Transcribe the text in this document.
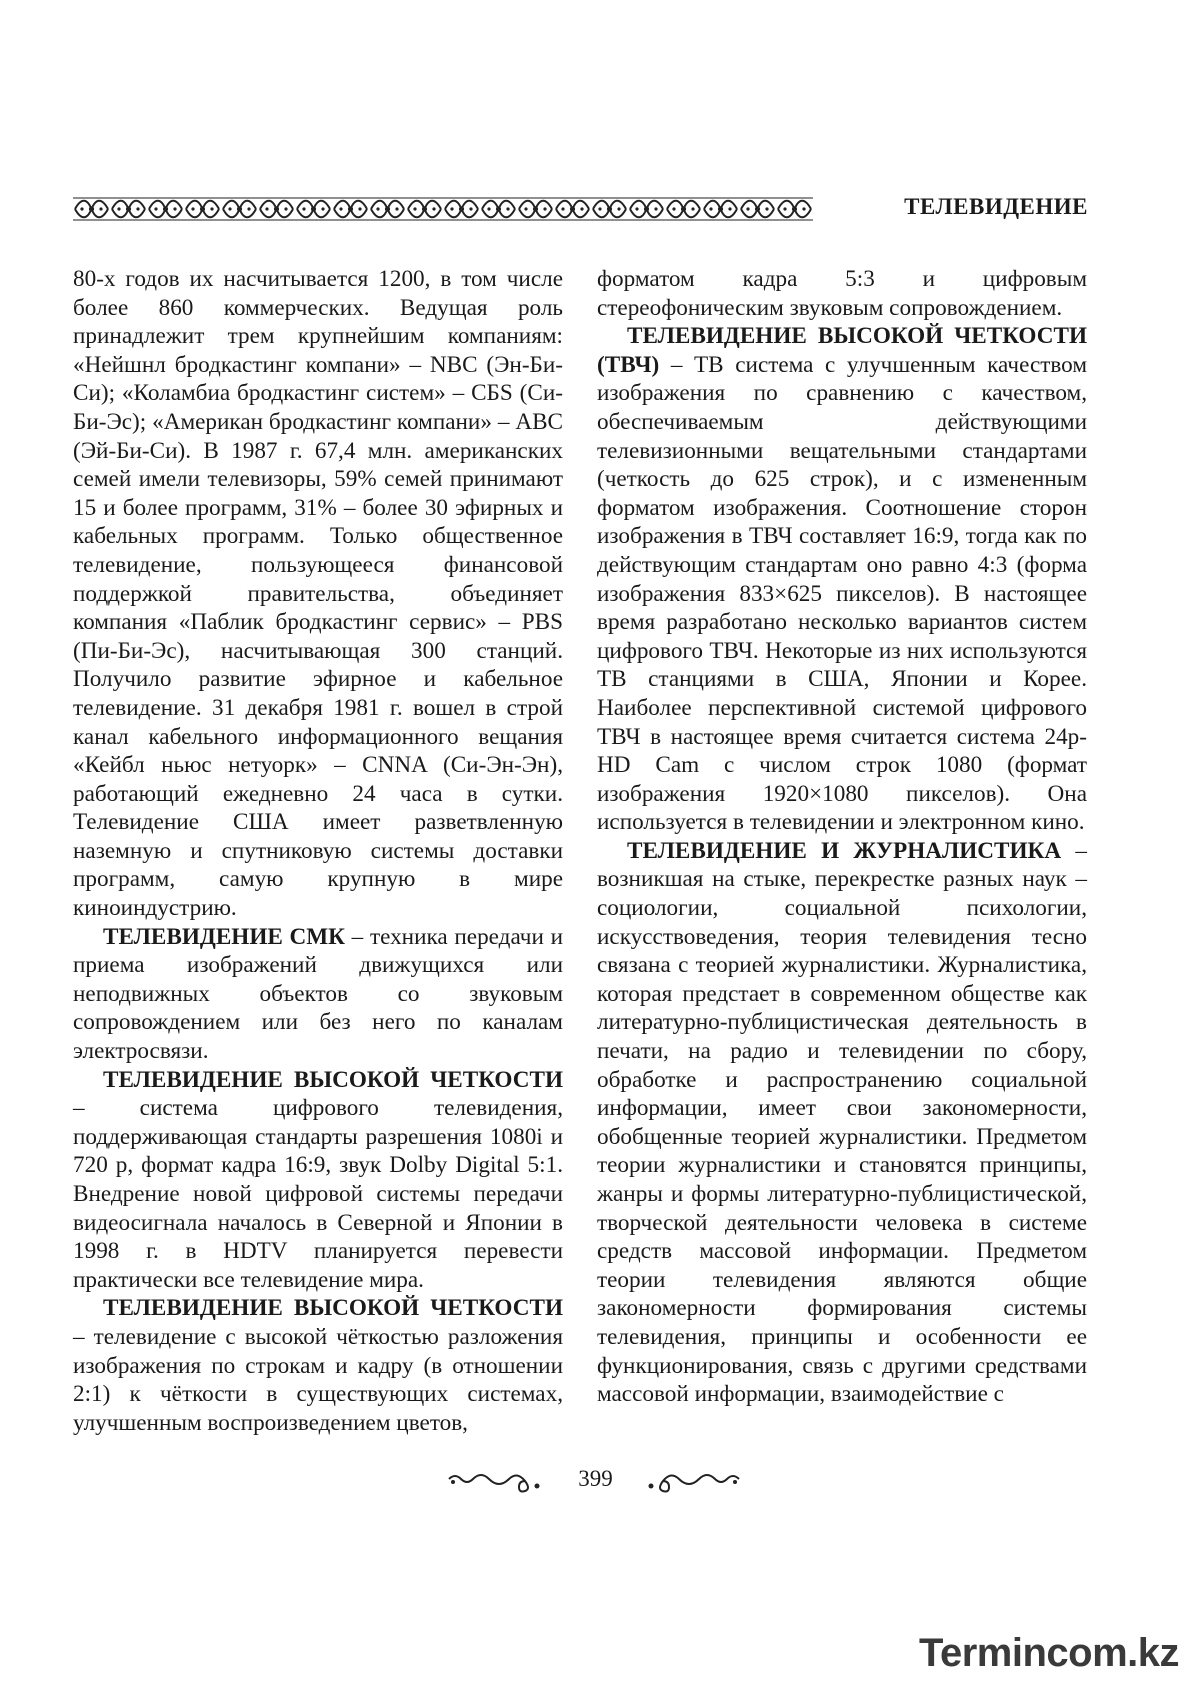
ТЕЛЕВИДЕНИЕ

80-х годов их насчитывается 1200, в том числе более 860 коммерческих. Ведущая роль принадлежит трем крупнейшим компаниям: «Нейшнл бродкастинг компани» – NBC (Эн-Би-Си); «Коламбиа бродкастинг систем» – CБS (Си-Би-Эс); «Американ бродкастинг компани» – ABC (Эй-Би-Си). В 1987 г. 67,4 млн. американских семей имели телевизоры, 59% семей принимают 15 и более программ, 31% – более 30 эфирных и кабельных программ. Только общественное телевидение, пользующееся финансовой поддержкой правительства, объединяет компания «Паблик бродкастинг сервис» – PBS (Пи-Би-Эс), насчитывающая 300 станций. Получило развитие эфирное и кабельное телевидение. 31 декабря 1981 г. вошел в строй канал кабельного информационного вещания «Кейбл ньюс нетуорк» – CNNA (Си-Эн-Эн), работающий ежедневно 24 часа в сутки. Телевидение США имеет разветвленную наземную и спутниковую системы доставки программ, самую крупную в мире киноиндустрию.

ТЕЛЕВИДЕНИЕ СМК – техника передачи и приема изображений движущихся или неподвижных объектов со звуковым сопровождением или без него по каналам электросвязи.

ТЕЛЕВИДЕНИЕ ВЫСОКОЙ ЧЕТКОСТИ – система цифрового телевидения, поддерживающая стандарты разрешения 1080i и 720 p, формат кадра 16:9, звук Dolby Digital 5:1. Внедрение новой цифровой системы передачи видеосигнала началось в Северной и Японии в 1998 г. в HDTV планируется перевести практически все телевидение мира.

ТЕЛЕВИДЕНИЕ ВЫСОКОЙ ЧЕТКОСТИ – телевидение с высокой чёткостью разложения изображения по строкам и кадру (в отношении 2:1) к чёткости в существующих системах, улучшенным воспроизведением цветов,

форматом кадра 5:3 и цифровым стереофоническим звуковым сопровождением.

ТЕЛЕВИДЕНИЕ ВЫСОКОЙ ЧЕТКОСТИ (ТВЧ) – ТВ система с улучшенным качеством изображения по сравнению с качеством, обеспечиваемым действующими телевизионными вещательными стандартами (четкость до 625 строк), и с измененным форматом изображения. Соотношение сторон изображения в ТВЧ составляет 16:9, тогда как по действующим стандартам оно равно 4:3 (форма изображения 833×625 пикселов). В настоящее время разработано несколько вариантов систем цифрового ТВЧ. Некоторые из них используются ТВ станциями в США, Японии и Корее. Наиболее перспективной системой цифрового ТВЧ в настоящее время считается система 24p-HD Cam с числом строк 1080 (формат изображения 1920×1080 пикселов). Она используется в телевидении и электронном кино.

ТЕЛЕВИДЕНИЕ И ЖУРНАЛИСТИКА – возникшая на стыке, перекрестке разных наук – социологии, социальной психологии, искусствоведения, теория телевидения тесно связана с теорией журналистики. Журналистика, которая предстает в современном обществе как литературно-публицистическая деятельность в печати, на радио и телевидении по сбору, обработке и распространению социальной информации, имеет свои закономерности, обобщенные теорией журналистики. Предметом теории журналистики и становятся принципы, жанры и формы литературно-публицистической, творческой деятельности человека в системе средств массовой информации. Предметом теории телевидения являются общие закономерности формирования системы телевидения, принципы и особенности ее функционирования, связь с другими средствами массовой информации, взаимодействие с

399
Termincom.kz
